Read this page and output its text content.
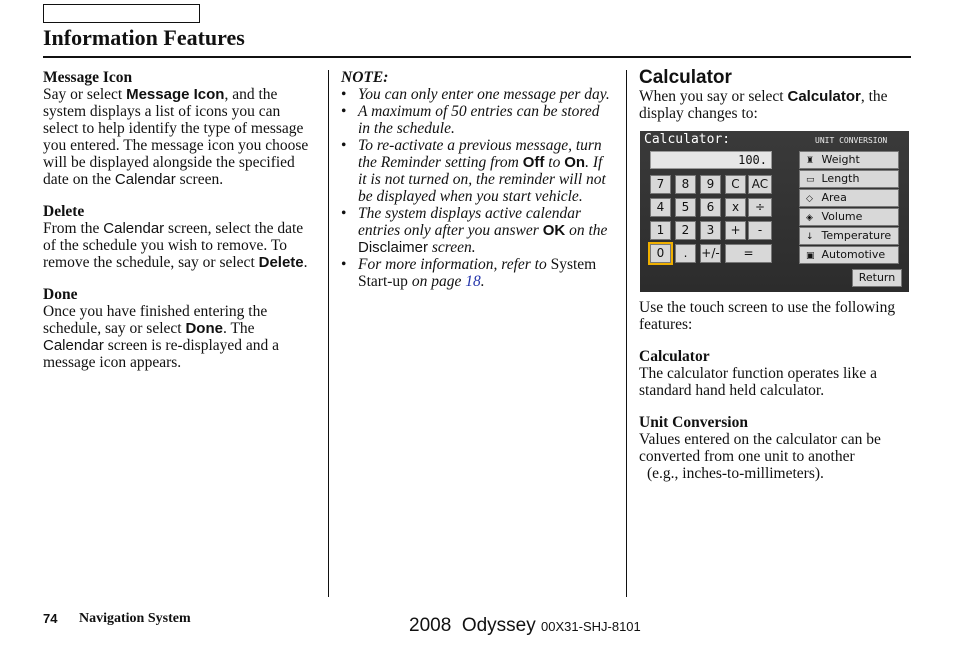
Information Features

Message Icon

Say or select Message Icon, and the system displays a list of icons you can select to help identify the type of message you entered. The message icon you choose will be displayed alongside the specified date on the Calendar screen.

Delete

From the Calendar screen, select the date of the schedule you wish to remove. To remove the schedule, say or select Delete.

Done

Once you have finished entering the schedule, say or select Done. The Calendar screen is re-displayed and a message icon appears.

NOTE:

• You can only enter one message per day.
• A maximum of 50 entries can be stored in the schedule.
• To re-activate a previous message, turn the Reminder setting from Off to On. If it is not turned on, the reminder will not be displayed when you start vehicle.
• The system displays active calendar entries only after you answer OK on the Disclaimer screen.
• For more information, refer to System Start-up on page 18.

Calculator

When you say or select Calculator, the display changes to:

Calculator:	UNIT CONVERSION
100.
7	8	9	C	AC
4	5	6	x	÷
1	2	3	+	-
0	.	+/-	=
♜ Weight
▭ Length
◇ Area
◈ Volume
↓ Temperature
▣ Automotive
Return

Use the touch screen to use the following features:

Calculator

The calculator function operates like a standard hand held calculator.

Unit Conversion

Values entered on the calculator can be converted from one unit to another

(e.g., inches-to-millimeters).

74 Navigation System	2008  Odyssey 00X31-SHJ-8101
